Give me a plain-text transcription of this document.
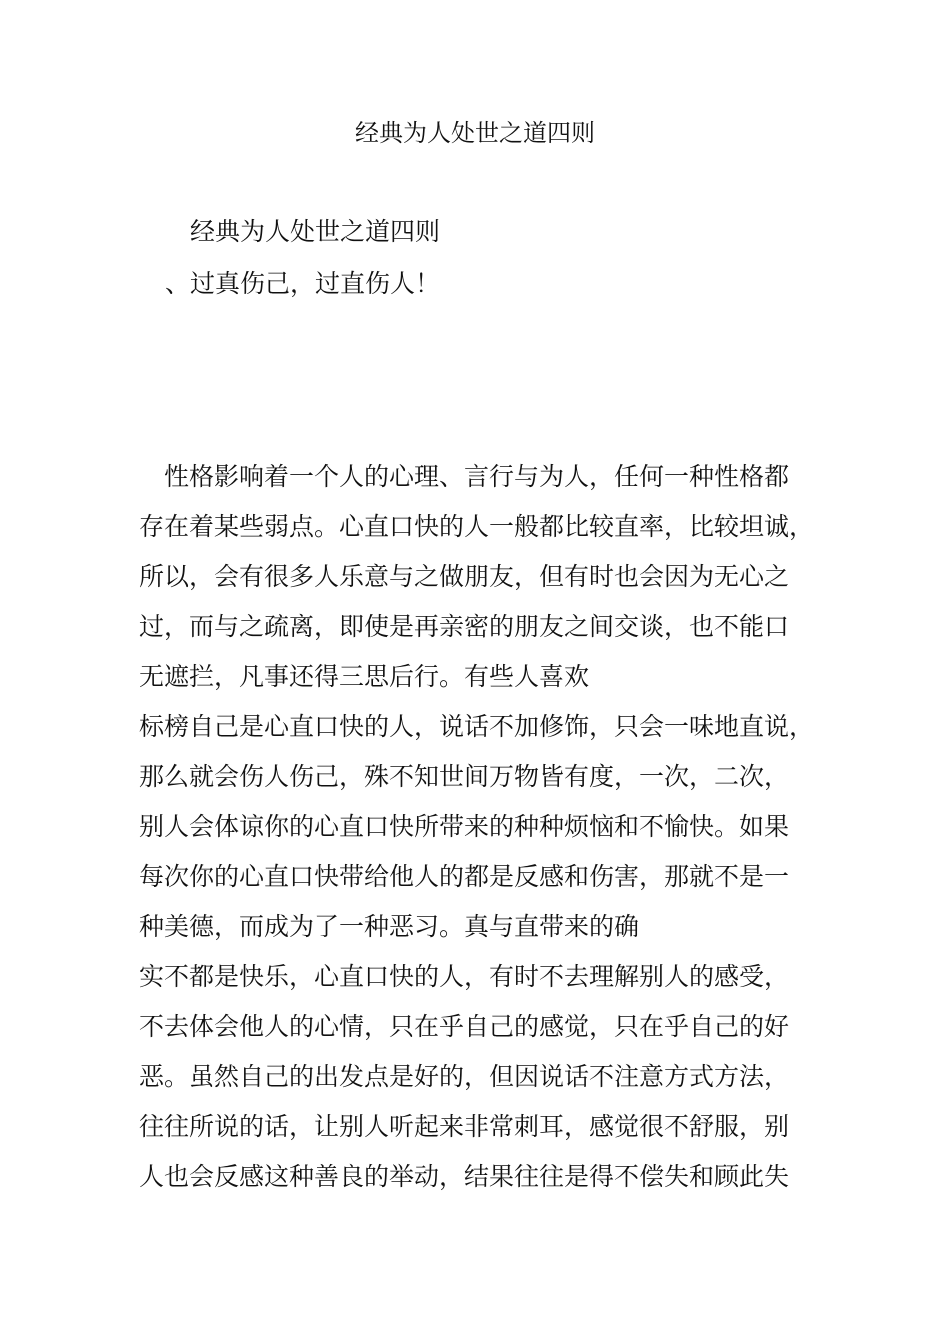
经典为人处世之道四则
经典为人处世之道四则
、过真伤己，过直伤人！
　性格影响着一个人的心理、言行与为人，任何一种性格都
存在着某些弱点。心直口快的人一般都比较直率，比较坦诚，
所以，会有很多人乐意与之做朋友，但有时也会因为无心之
过，而与之疏离，即使是再亲密的朋友之间交谈，也不能口
无遮拦，凡事还得三思后行。有些人喜欢
标榜自己是心直口快的人，说话不加修饰，只会一味地直说，
那么就会伤人伤己，殊不知世间万物皆有度，一次，二次，
别人会体谅你的心直口快所带来的种种烦恼和不愉快。如果
每次你的心直口快带给他人的都是反感和伤害，那就不是一
种美德，而成为了一种恶习。真与直带来的确
实不都是快乐，心直口快的人，有时不去理解别人的感受，
不去体会他人的心情，只在乎自己的感觉，只在乎自己的好
恶。虽然自己的出发点是好的，但因说话不注意方式方法，
往往所说的话，让别人听起来非常刺耳，感觉很不舒服，别
人也会反感这种善良的举动，结果往往是得不偿失和顾此失
